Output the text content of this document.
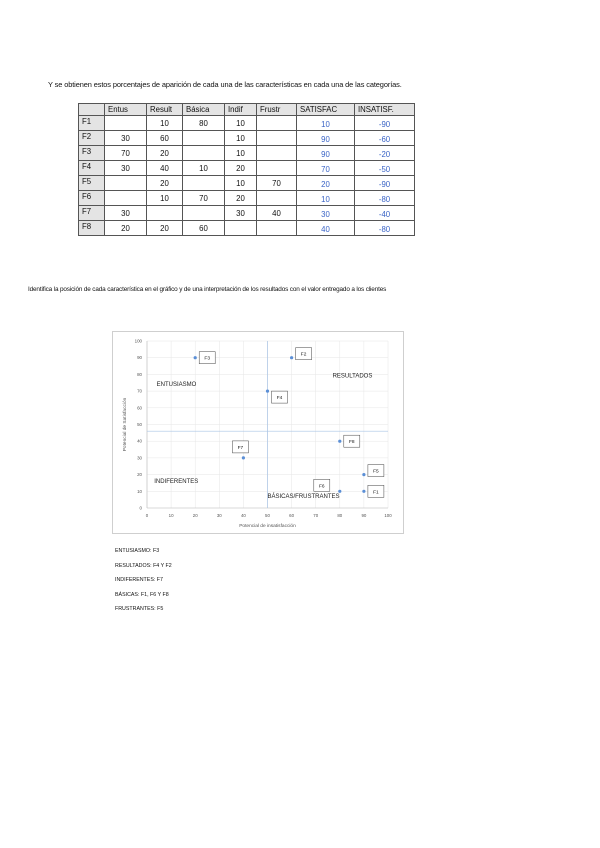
Y se obtienen estos porcentajes de aparición de cada una de las características en cada una de las categorías.
	Entus	Result	Básica	Indif	Frustr	SATISFAC	INSATISF.
F1		10	80	10		10	-90
F2	30	60		10		90	-60
F3	70	20		10		90	-20
F4	30	40	10	20		70	-50
F5		20		10	70	20	-90
F6		10	70	20		10	-80
F7	30			30	40	30	-40
F8	20	20	60			40	-80
Identifica la posición de cada característica en el gráfico y de una interpretación de los resultados con el valor entregado a los clientes
0
10
20
30
40
50
60
70
80
90
100
0	10	20	30	40	50	60	70	80	90	100
Potencial de insatisfacción
Potencial de Satisfacción
ENTUSIASMO
RESULTADOS
INDIFERENTES
BÁSICAS/FRUSTRANTES
F1
F2
F3
F4
F5
F6
F7
F8
ENTUSIASMO: F3
RESULTADOS: F4 Y F2
INDIFERENTES: F7
BÁSICAS: F1, F6 Y F8
FRUSTRANTES: F5
